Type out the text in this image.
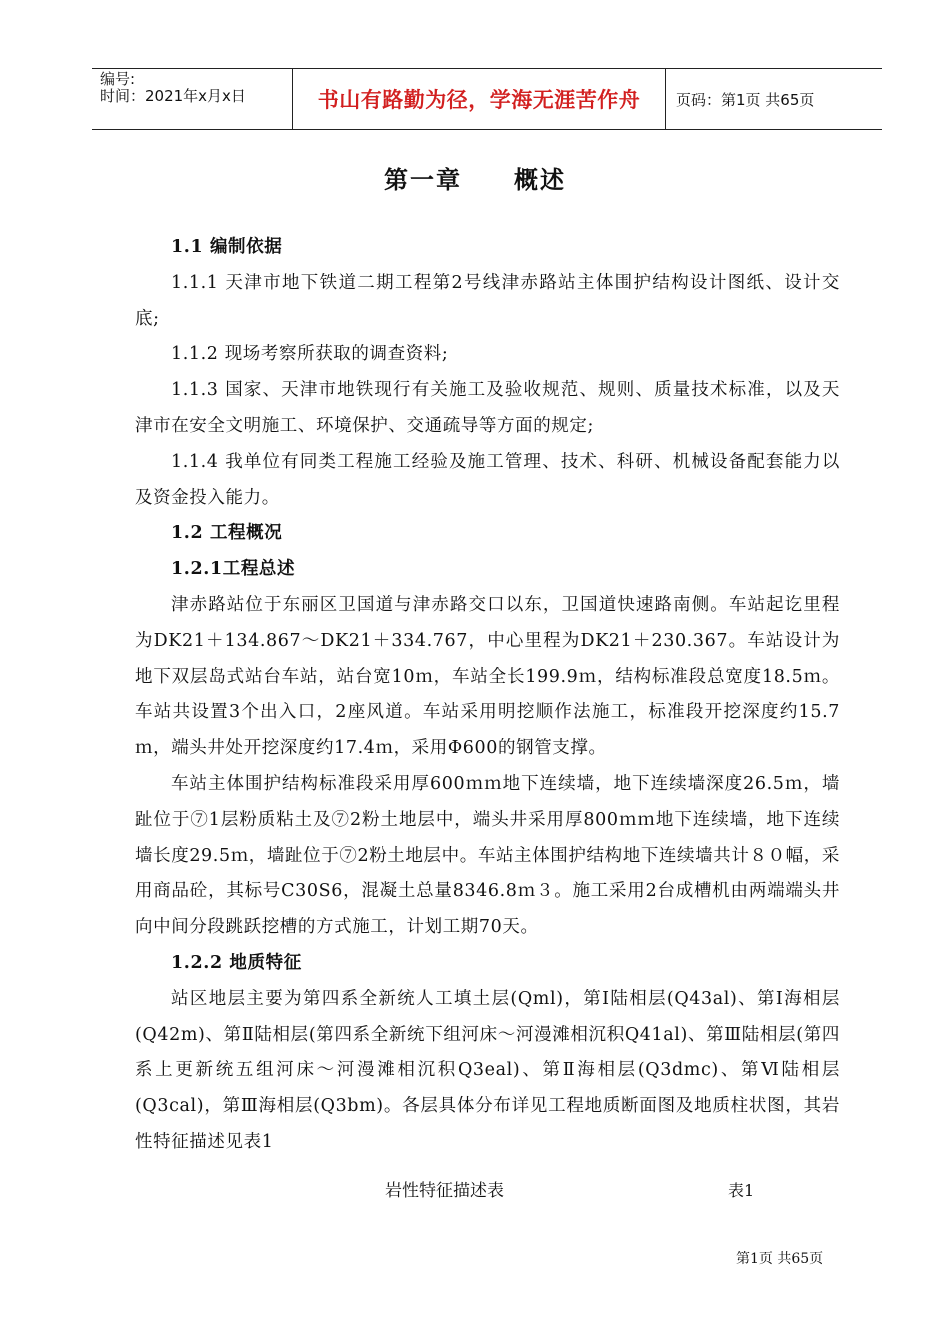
编号:
时间：2021年x月x日	书山有路勤为径，学海无涯苦作舟	页码：第1页 共65页
第一章 概述

1.1 编制依据

1.1.1 天津市地下铁道二期工程第2号线津赤路站主体围护结构设计图纸、设计交底;

1.1.2 现场考察所获取的调查资料;

1.1.3 国家、天津市地铁现行有关施工及验收规范、规则、质量技术标准，以及天津市在安全文明施工、环境保护、交通疏导等方面的规定;

1.1.4 我单位有同类工程施工经验及施工管理、技术、科研、机械设备配套能力以及资金投入能力。

1.2 工程概况

1.2.1工程总述

津赤路站位于东丽区卫国道与津赤路交口以东，卫国道快速路南侧。车站起讫里程为DK21＋134.867～DK21＋334.767，中心里程为DK21＋230.367。车站设计为地下双层岛式站台车站，站台宽10ｍ，车站全长199.9ｍ，结构标准段总宽度18.5ｍ。车站共设置3个出入口，2座风道。车站采用明挖顺作法施工，标准段开挖深度约15.7ｍ，端头井处开挖深度约17.4ｍ，采用Φ600的钢管支撑。

车站主体围护结构标准段采用厚600ｍｍ地下连续墙，地下连续墙深度26.5ｍ，墙趾位于⑦1层粉质粘土及⑦2粉土地层中，端头井采用厚800ｍｍ地下连续墙，地下连续墙长度29.5ｍ，墙趾位于⑦2粉土地层中。车站主体围护结构地下连续墙共计８０幅，采用商品砼，其标号C30S6，混凝土总量8346.8ｍ３。施工采用2台成槽机由两端端头井向中间分段跳跃挖槽的方式施工，计划工期70天。

1.2.2 地质特征

站区地层主要为第四系全新统人工填土层(Qml)，第Ⅰ陆相层(Q43al)、第Ⅰ海相层(Q42m)、第Ⅱ陆相层(第四系全新统下组河床～河漫滩相沉积Q41al)、第Ⅲ陆相层(第四系上更新统五组河床～河漫滩相沉积Q3eal)、第Ⅱ海相层(Q3dmc)、第Ⅵ陆相层(Q3cal)，第Ⅲ海相层(Q3bm)。各层具体分布详见工程地质断面图及地质柱状图，其岩性特征描述见表1

岩性特征描述表	表1
第1页 共65页
